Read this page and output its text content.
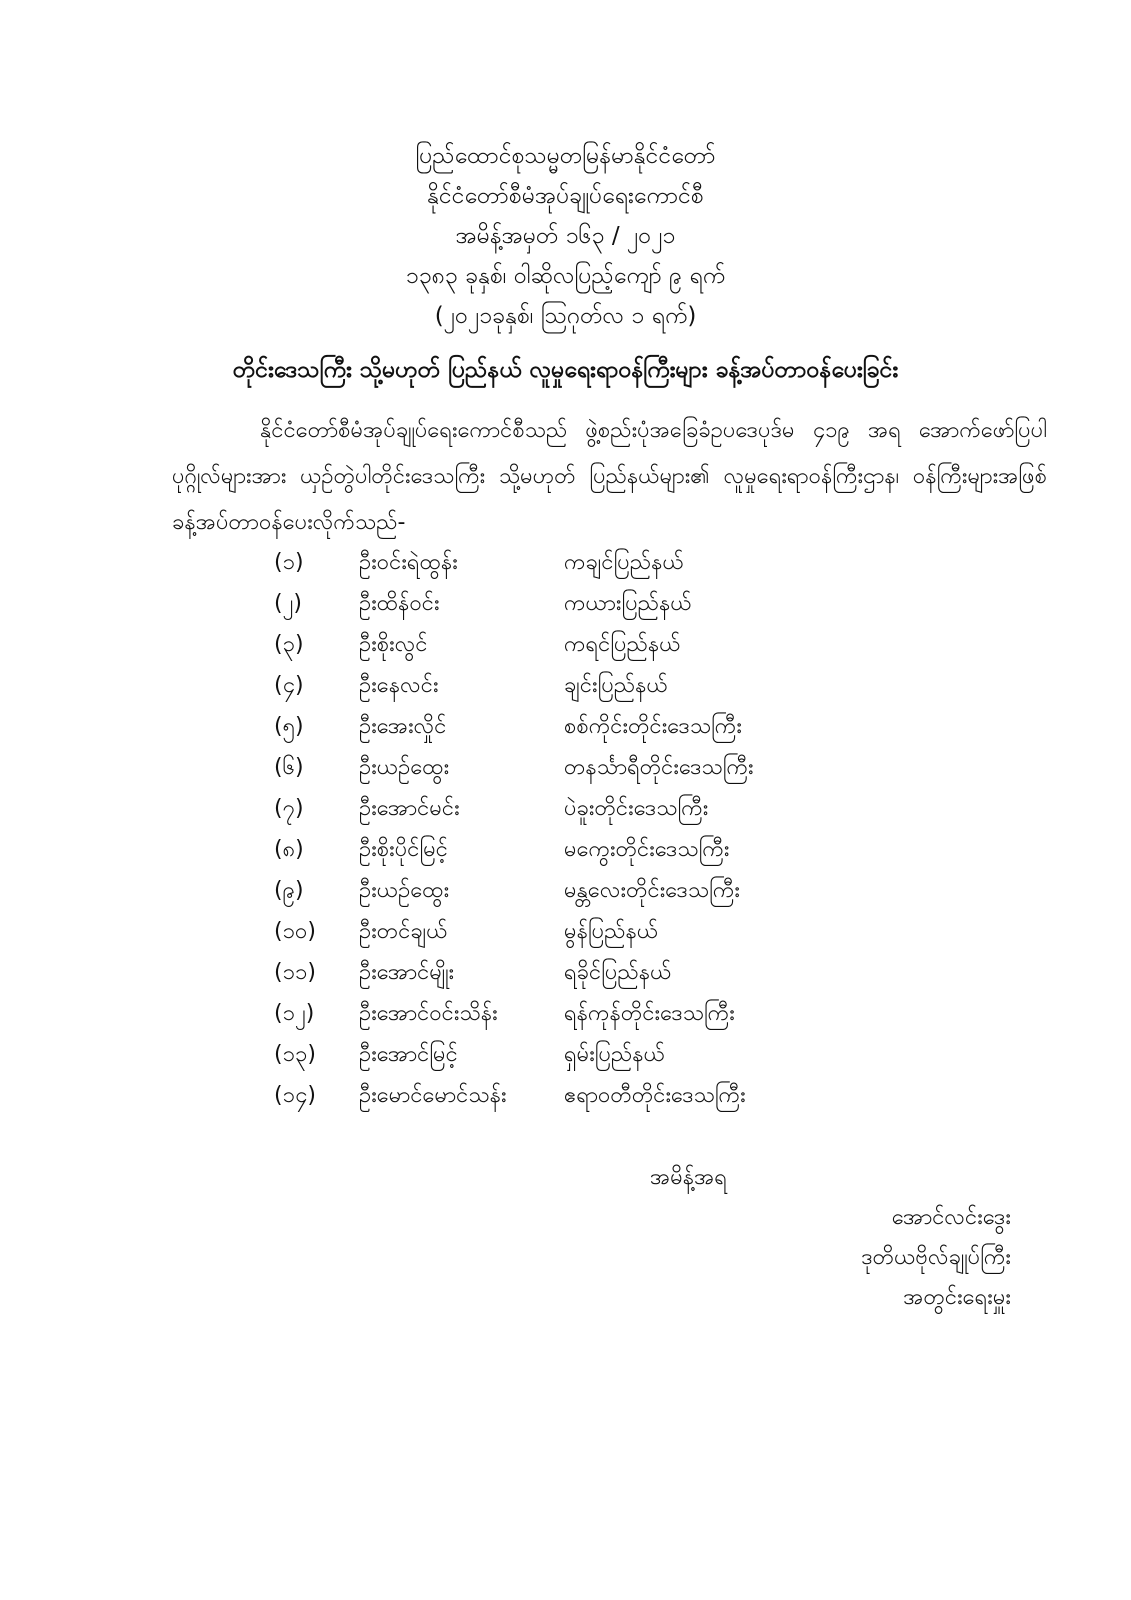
ပြည်ထောင်စုသမ္မတမြန်မာနိုင်ငံတော်
နိုင်ငံတော်စီမံအုပ်ချုပ်ရေးကောင်စီ
အမိန့်အမှတ် ၁၆၃ / ၂၀၂၁
၁၃၈၃ ခုနှစ်၊ ဝါဆိုလပြည့်ကျော် ၉ ရက်
(၂၀၂၁ခုနှစ်၊ ဩဂုတ်လ ၁ ရက်)
တိုင်းဒေသကြီး သို့မဟုတ် ပြည်နယ် လူမှုရေးရာဝန်ကြီးများ ခန့်အပ်တာဝန်ပေးခြင်း
နိုင်ငံတော်စီမံအုပ်ချုပ်ရေးကောင်စီသည် ဖွဲ့စည်းပုံအခြေခံဥပဒေပုဒ်မ ၄၁၉ အရ အောက်ဖော်ပြပါပုဂ္ဂိုလ်များအား ယှဉ်တွဲပါတိုင်းဒေသကြီး သို့မဟုတ် ပြည်နယ်များ၏ လူမှုရေးရာဝန်ကြီးဌာန၊ ဝန်ကြီးများအဖြစ် ခန့်အပ်တာဝန်ပေးလိုက်သည်-
(၁)	ဦးဝင်းရဲထွန်း	ကချင်ပြည်နယ်
(၂)	ဦးထိန်ဝင်း	ကယားပြည်နယ်
(၃)	ဦးစိုးလွင်	ကရင်ပြည်နယ်
(၄)	ဦးနေလင်း	ချင်းပြည်နယ်
(၅)	ဦးအေးလှိုင်	စစ်ကိုင်းတိုင်းဒေသကြီး
(၆)	ဦးယဉ်ထွေး	တနင်္သာရီတိုင်းဒေသကြီး
(၇)	ဦးအောင်မင်း	ပဲခူးတိုင်းဒေသကြီး
(၈)	ဦးစိုးပိုင်မြင့်	မကွေးတိုင်းဒေသကြီး
(၉)	ဦးယဉ်ထွေး	မန္တလေးတိုင်းဒေသကြီး
(၁၀) ဦးတင်ချယ်	မွန်ပြည်နယ်
(၁၁) ဦးအောင်မျိုး	ရခိုင်ပြည်နယ်
(၁၂) ဦးအောင်ဝင်းသိန်း	ရန်ကုန်တိုင်းဒေသကြီး
(၁၃) ဦးအောင်မြင့်	ရှမ်းပြည်နယ်
(၁၄) ဦးမောင်မောင်သန်း	ဧရာဝတီတိုင်းဒေသကြီး
အမိန့်အရ
အောင်လင်းဒွေး
ဒုတိယဗိုလ်ချုပ်ကြီး
အတွင်းရေးမှူး
